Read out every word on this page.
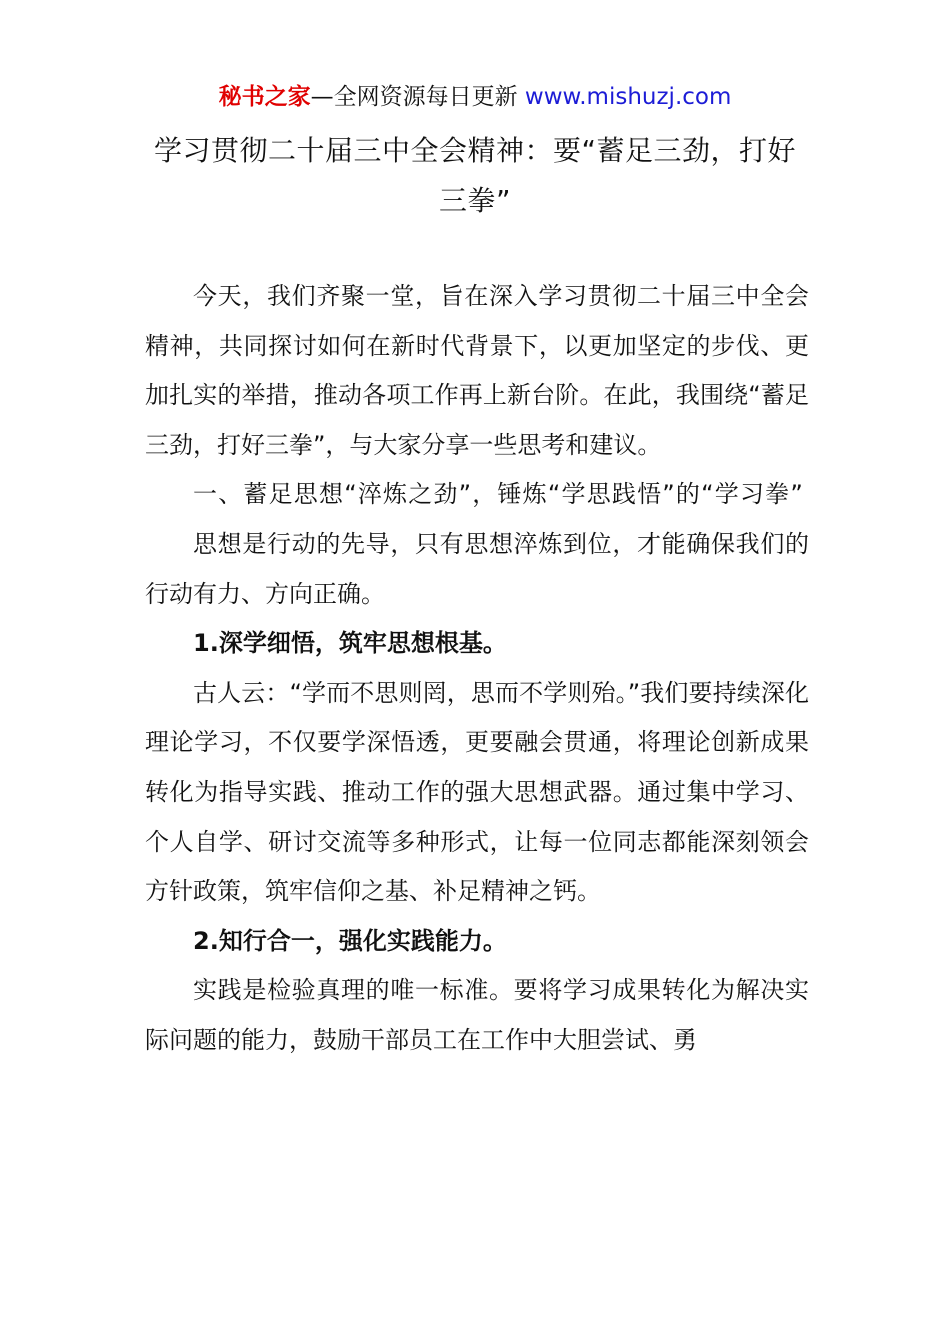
秘书之家—全网资源每日更新 www.mishuzj.com
学习贯彻二十届三中全会精神：要“蓄足三劲，打好三拳”

今天，我们齐聚一堂，旨在深入学习贯彻二十届三中全会精神，共同探讨如何在新时代背景下，以更加坚定的步伐、更加扎实的举措，推动各项工作再上新台阶。在此，我围绕“蓄足三劲，打好三拳”，与大家分享一些思考和建议。

一、蓄足思想“淬炼之劲”，锤炼“学思践悟”的“学习拳”

思想是行动的先导，只有思想淬炼到位，才能确保我们的行动有力、方向正确。

1.深学细悟，筑牢思想根基。

古人云：“学而不思则罔，思而不学则殆。”我们要持续深化理论学习，不仅要学深悟透，更要融会贯通，将理论创新成果转化为指导实践、推动工作的强大思想武器。通过集中学习、个人自学、研讨交流等多种形式，让每一位同志都能深刻领会方针政策，筑牢信仰之基、补足精神之钙。

2.知行合一，强化实践能力。

实践是检验真理的唯一标准。要将学习成果转化为解决实际问题的能力，鼓励干部员工在工作中大胆尝试、勇
